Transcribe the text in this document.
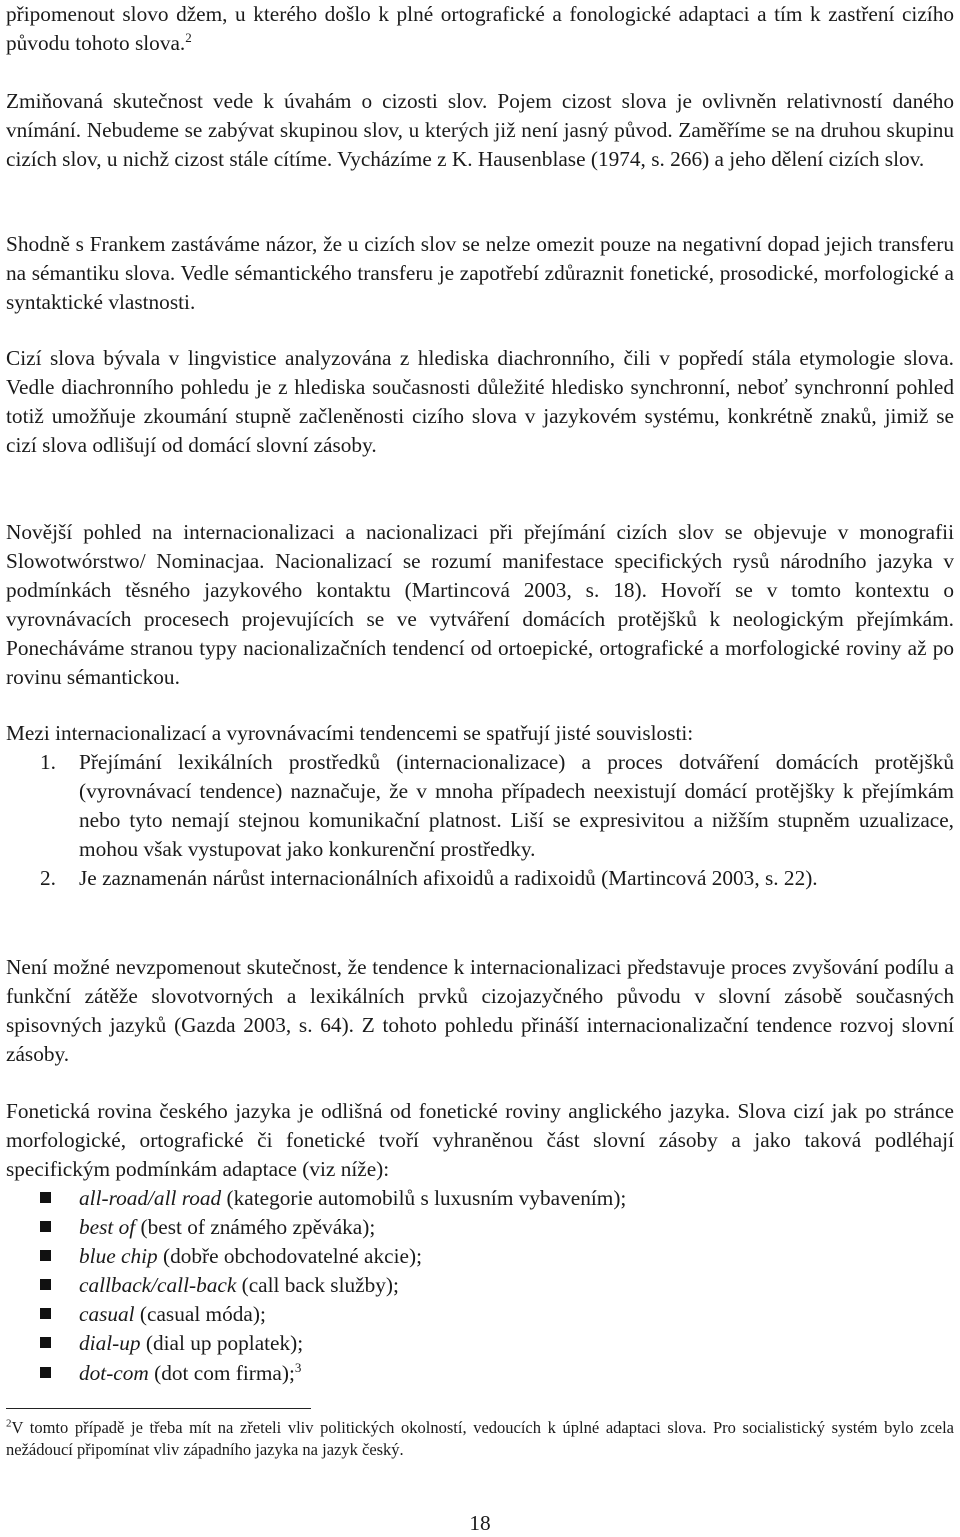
připomenout slovo džem, u kterého došlo k plné ortografické a fonologické adaptaci a tím k zastření cizího původu tohoto slova.$^2$

Zmiňovaná skutečnost vede k úvahám o cizosti slov. Pojem cizost slova je ovlivněn relativností daného vnímání. Nebudeme se zabývat skupinou slov, u kterých již není jasný původ. Zaměříme se na druhou skupinu cizích slov, u nichž cizost stále cítíme. Vycházíme z K. Hausenblase (1974, s. 266) a jeho dělení cizích slov.

Shodně s Frankem zastáváme názor, že u cizích slov se nelze omezit pouze na negativní dopad jejich transferu na sémantiku slova. Vedle sémantického transferu je zapotřebí zdůraznit fonetické, prosodické, morfologické a syntaktické vlastnosti.

Cizí slova bývala v lingvistice analyzována z hlediska diachronního, čili v popředí stála etymologie slova. Vedle diachronního pohledu je z hlediska současnosti důležité hledisko synchronní, neboť synchronní pohled totiž umožňuje zkoumání stupně začleněnosti cizího slova v jazykovém systému, konkrétně znaků, jimiž se cizí slova odlišují od domácí slovní zásoby.

Novější pohled na internacionalizaci a nacionalizaci při přejímání cizích slov se objevuje v monografii Slowotwórstwo/ Nominacjaa. Nacionalizací se rozumí manifestace specifických rysů národního jazyka v podmínkách těsného jazykového kontaktu (Martincová 2003, s. 18). Hovoří se v tomto kontextu o vyrovnávacích procesech projevujících se ve vytváření domácích protějšků k neologickým přejímkám. Ponecháváme stranou typy nacionalizačních tendencí od ortoepické, ortografické a morfologické roviny až po rovinu sémantickou.

Mezi internacionalizací a vyrovnávacími tendencemi se spatřují jisté souvislosti:

1. Přejímání lexikálních prostředků (internacionalizace) a proces dotváření domácích protějšků (vyrovnávací tendence) naznačuje, že v mnoha případech neexistují domácí protějšky k přejímkám nebo tyto nemají stejnou komunikační platnost. Liší se expresivitou a nižším stupněm uzualizace, mohou však vystupovat jako konkurenční prostředky.
2. Je zaznamenán nárůst internacionálních afixoidů a radixoidů (Martincová 2003, s. 22).

Není možné nevzpomenout skutečnost, že tendence k internacionalizaci představuje proces zvyšování podílu a funkční zátěže slovotvorných a lexikálních prvků cizojazyčného původu v slovní zásobě současných spisovných jazyků (Gazda 2003, s. 64). Z tohoto pohledu přináší internacionalizační tendence rozvoj slovní zásoby.

Fonetická rovina českého jazyka je odlišná od fonetické roviny anglického jazyka. Slova cizí jak po stránce morfologické, ortografické či fonetické tvoří vyhraněnou část slovní zásoby a jako taková podléhají specifickým podmínkám adaptace (viz níže):

all-road/all road (kategorie automobilů s luxusním vybavením);
best of (best of známého zpěváka);
blue chip (dobře obchodovatelné akcie);
callback/call-back (call back služby);
casual (casual móda);
dial-up (dial up poplatek);
dot-com (dot com firma);$^3$
$^2$V tomto případě je třeba mít na zřeteli vliv politických okolností, vedoucích k úplné adaptaci slova. Pro socialistický systém bylo zcela nežádoucí připomínat vliv západního jazyka na jazyk český.
18
